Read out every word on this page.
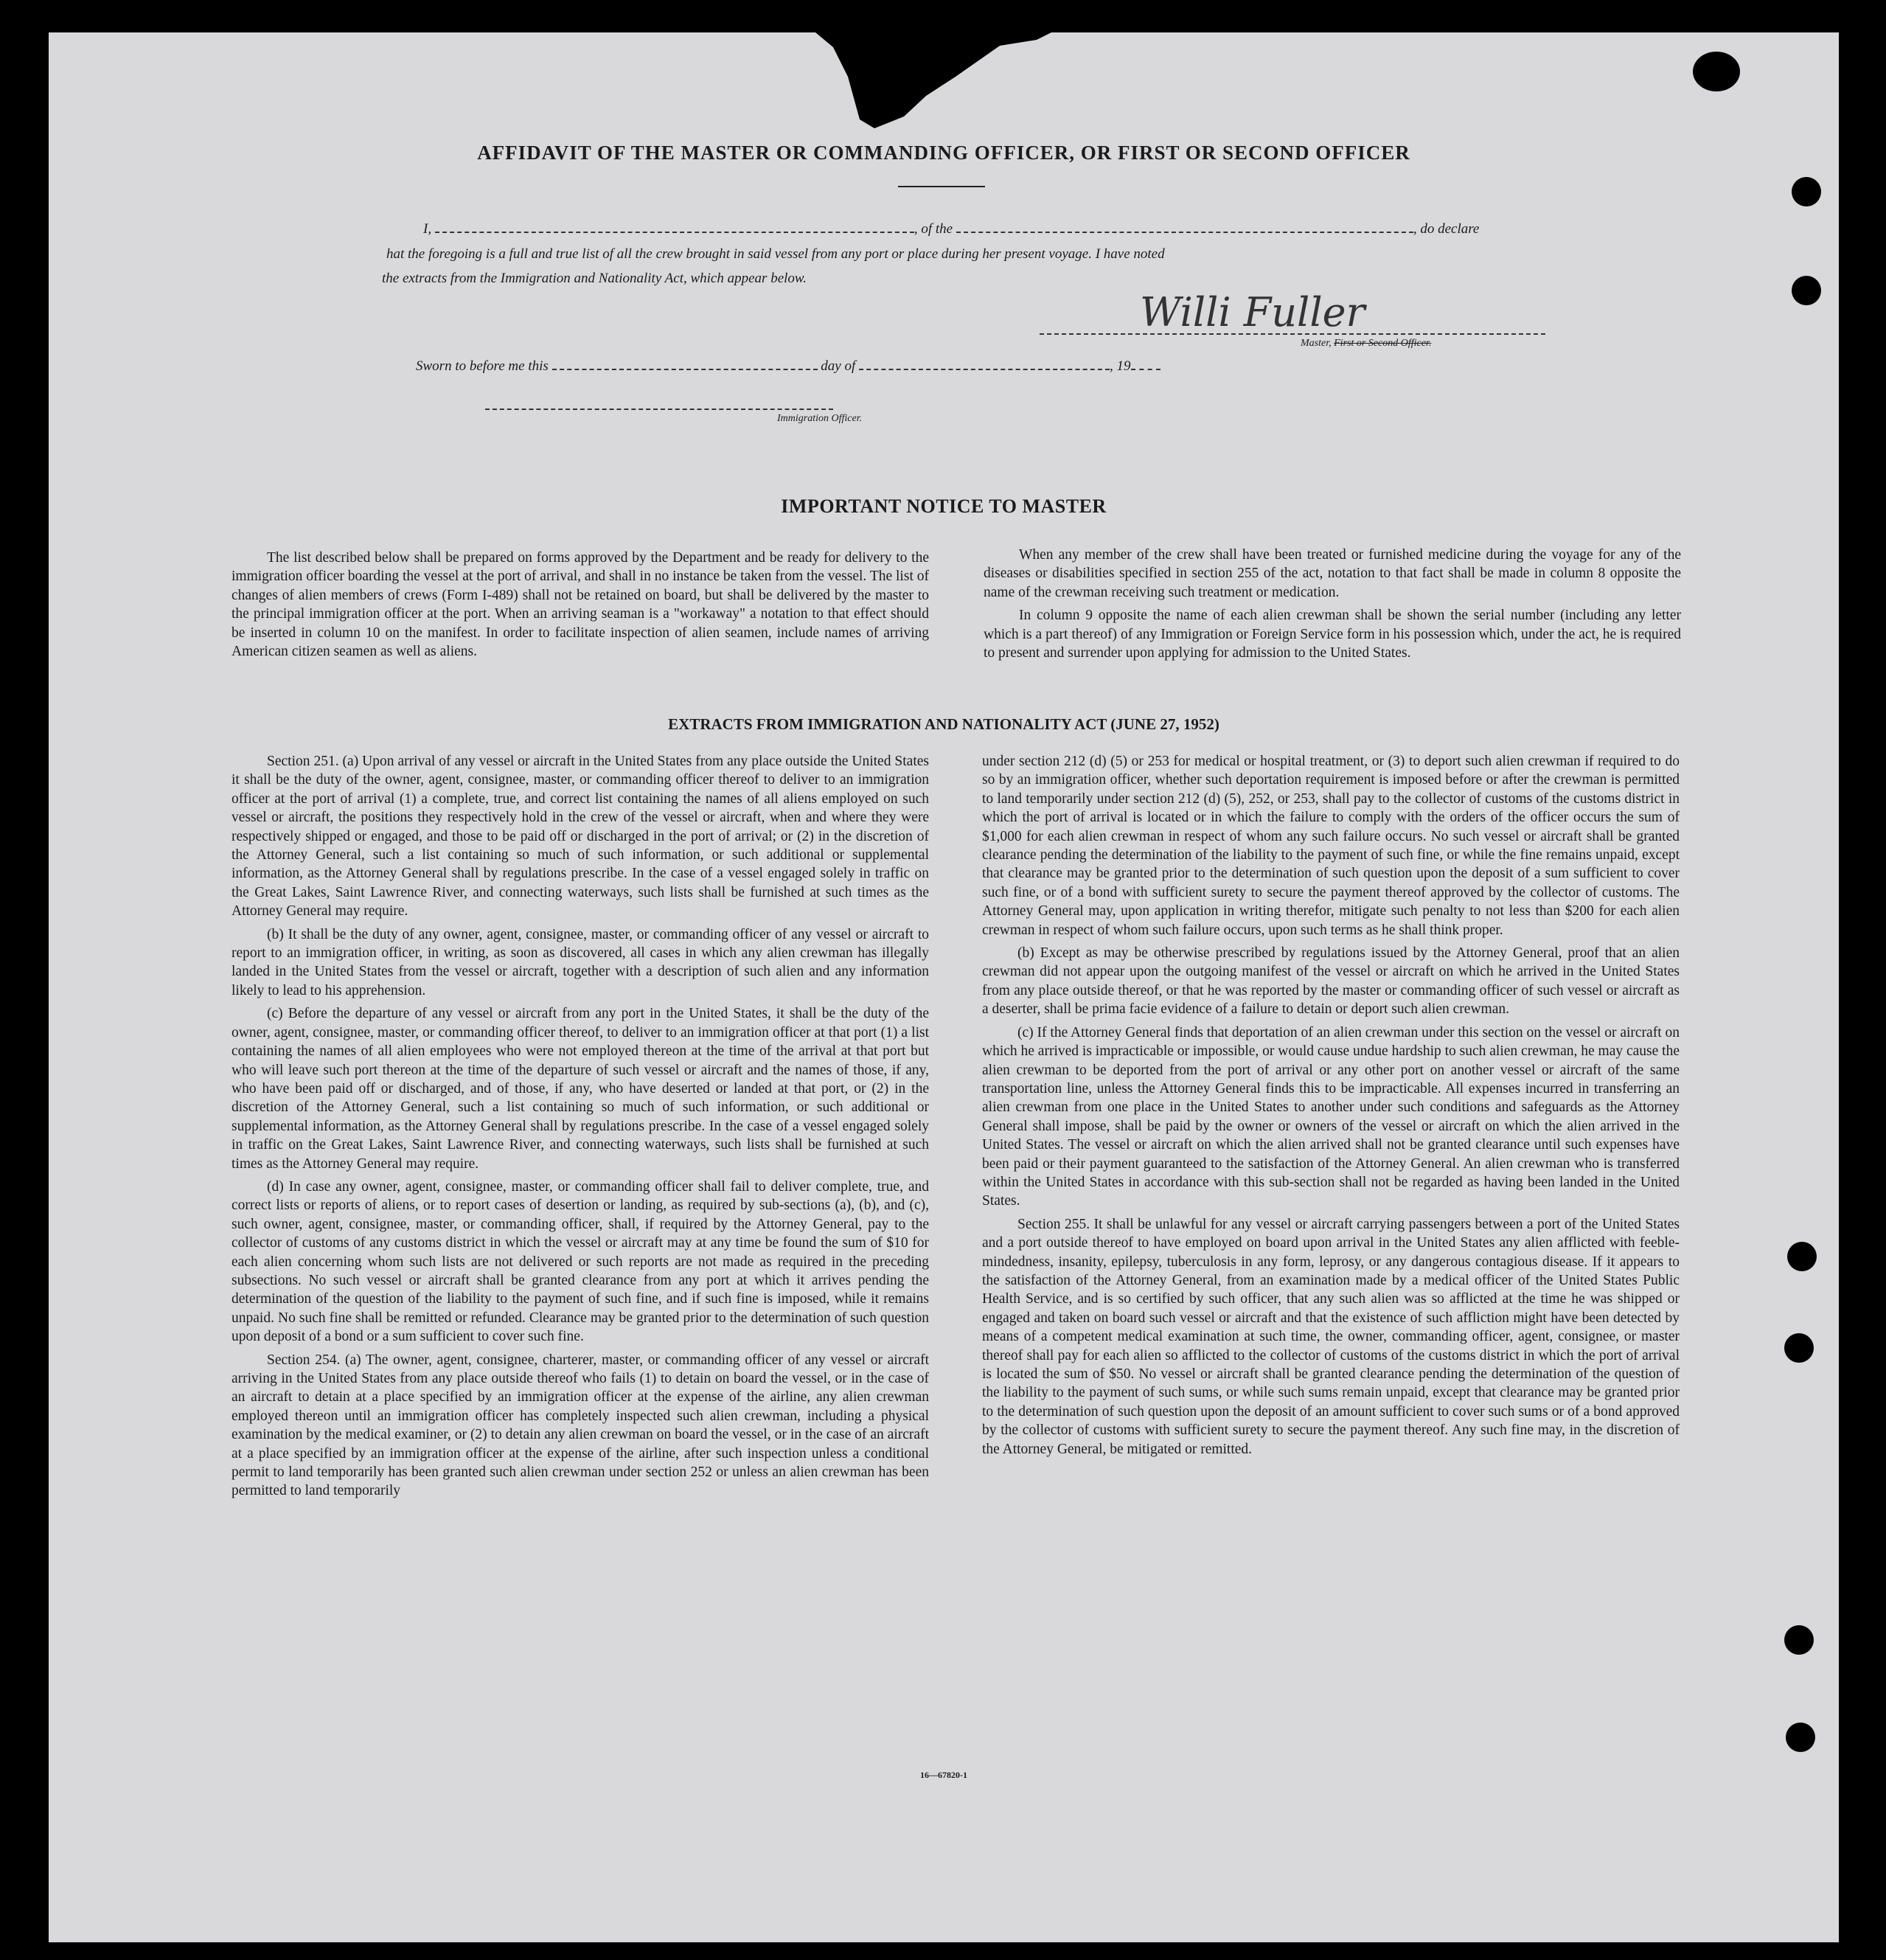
AFFIDAVIT OF THE MASTER OR COMMANDING OFFICER, OR FIRST OR SECOND OFFICER
I,	, of the	, do declare
hat the foregoing is a full and true list of all the crew brought in said vessel from any port or place during her present voyage. I have noted
the extracts from the Immigration and Nationality Act, which appear below.
Willi Fuller
Master, First or Second Officer.
Sworn to before me this	day of	, 19
Immigration Officer.
IMPORTANT NOTICE TO MASTER

The list described below shall be prepared on forms approved by the Department and be ready for delivery to the immigration officer boarding the vessel at the port of arrival, and shall in no instance be taken from the vessel. The list of changes of alien members of crews (Form I-489) shall not be retained on board, but shall be delivered by the master to the principal immigration officer at the port. When an arriving seaman is a "workaway" a notation to that effect should be inserted in column 10 on the manifest. In order to facilitate inspection of alien seamen, include names of arriving American citizen seamen as well as aliens.

When any member of the crew shall have been treated or furnished medicine during the voyage for any of the diseases or disabilities specified in section 255 of the act, notation to that fact shall be made in column 8 opposite the name of the crewman receiving such treatment or medication.

In column 9 opposite the name of each alien crewman shall be shown the serial number (including any letter which is a part thereof) of any Immigration or Foreign Service form in his possession which, under the act, he is required to present and surrender upon applying for admission to the United States.

EXTRACTS FROM IMMIGRATION AND NATIONALITY ACT (JUNE 27, 1952)

Section 251. (a) Upon arrival of any vessel or aircraft in the United States from any place outside the United States it shall be the duty of the owner, agent, consignee, master, or commanding officer thereof to deliver to an immigration officer at the port of arrival (1) a complete, true, and correct list containing the names of all aliens employed on such vessel or aircraft, the positions they respectively hold in the crew of the vessel or aircraft, when and where they were respectively shipped or engaged, and those to be paid off or discharged in the port of arrival; or (2) in the discretion of the Attorney General, such a list containing so much of such information, or such additional or supplemental information, as the Attorney General shall by regulations prescribe. In the case of a vessel engaged solely in traffic on the Great Lakes, Saint Lawrence River, and connecting waterways, such lists shall be furnished at such times as the Attorney General may require.

(b) It shall be the duty of any owner, agent, consignee, master, or commanding officer of any vessel or aircraft to report to an immigration officer, in writing, as soon as discovered, all cases in which any alien crewman has illegally landed in the United States from the vessel or aircraft, together with a description of such alien and any information likely to lead to his apprehension.

(c) Before the departure of any vessel or aircraft from any port in the United States, it shall be the duty of the owner, agent, consignee, master, or commanding officer thereof, to deliver to an immigration officer at that port (1) a list containing the names of all alien employees who were not employed thereon at the time of the arrival at that port but who will leave such port thereon at the time of the departure of such vessel or aircraft and the names of those, if any, who have been paid off or discharged, and of those, if any, who have deserted or landed at that port, or (2) in the discretion of the Attorney General, such a list containing so much of such information, or such additional or supplemental information, as the Attorney General shall by regulations prescribe. In the case of a vessel engaged solely in traffic on the Great Lakes, Saint Lawrence River, and connecting waterways, such lists shall be furnished at such times as the Attorney General may require.

(d) In case any owner, agent, consignee, master, or commanding officer shall fail to deliver complete, true, and correct lists or reports of aliens, or to report cases of desertion or landing, as required by sub-sections (a), (b), and (c), such owner, agent, consignee, master, or commanding officer, shall, if required by the Attorney General, pay to the collector of customs of any customs district in which the vessel or aircraft may at any time be found the sum of $10 for each alien concerning whom such lists are not delivered or such reports are not made as required in the preceding subsections. No such vessel or aircraft shall be granted clearance from any port at which it arrives pending the determination of the question of the liability to the payment of such fine, and if such fine is imposed, while it remains unpaid. No such fine shall be remitted or refunded. Clearance may be granted prior to the determination of such question upon deposit of a bond or a sum sufficient to cover such fine.

Section 254. (a) The owner, agent, consignee, charterer, master, or commanding officer of any vessel or aircraft arriving in the United States from any place outside thereof who fails (1) to detain on board the vessel, or in the case of an aircraft to detain at a place specified by an immigration officer at the expense of the airline, any alien crewman employed thereon until an immigration officer has completely inspected such alien crewman, including a physical examination by the medical examiner, or (2) to detain any alien crewman on board the vessel, or in the case of an aircraft at a place specified by an immigration officer at the expense of the airline, after such inspection unless a conditional permit to land temporarily has been granted such alien crewman under section 252 or unless an alien crewman has been permitted to land temporarily

under section 212 (d) (5) or 253 for medical or hospital treatment, or (3) to deport such alien crewman if required to do so by an immigration officer, whether such deportation requirement is imposed before or after the crewman is permitted to land temporarily under section 212 (d) (5), 252, or 253, shall pay to the collector of customs of the customs district in which the port of arrival is located or in which the failure to comply with the orders of the officer occurs the sum of $1,000 for each alien crewman in respect of whom any such failure occurs. No such vessel or aircraft shall be granted clearance pending the determination of the liability to the payment of such fine, or while the fine remains unpaid, except that clearance may be granted prior to the determination of such question upon the deposit of a sum sufficient to cover such fine, or of a bond with sufficient surety to secure the payment thereof approved by the collector of customs. The Attorney General may, upon application in writing therefor, mitigate such penalty to not less than $200 for each alien crewman in respect of whom such failure occurs, upon such terms as he shall think proper.

(b) Except as may be otherwise prescribed by regulations issued by the Attorney General, proof that an alien crewman did not appear upon the outgoing manifest of the vessel or aircraft on which he arrived in the United States from any place outside thereof, or that he was reported by the master or commanding officer of such vessel or aircraft as a deserter, shall be prima facie evidence of a failure to detain or deport such alien crewman.

(c) If the Attorney General finds that deportation of an alien crewman under this section on the vessel or aircraft on which he arrived is impracticable or impossible, or would cause undue hardship to such alien crewman, he may cause the alien crewman to be deported from the port of arrival or any other port on another vessel or aircraft of the same transportation line, unless the Attorney General finds this to be impracticable. All expenses incurred in transferring an alien crewman from one place in the United States to another under such conditions and safeguards as the Attorney General shall impose, shall be paid by the owner or owners of the vessel or aircraft on which the alien arrived in the United States. The vessel or aircraft on which the alien arrived shall not be granted clearance until such expenses have been paid or their payment guaranteed to the satisfaction of the Attorney General. An alien crewman who is transferred within the United States in accordance with this sub-section shall not be regarded as having been landed in the United States.

Section 255. It shall be unlawful for any vessel or aircraft carrying passengers between a port of the United States and a port outside thereof to have employed on board upon arrival in the United States any alien afflicted with feeble-mindedness, insanity, epilepsy, tuberculosis in any form, leprosy, or any dangerous contagious disease. If it appears to the satisfaction of the Attorney General, from an examination made by a medical officer of the United States Public Health Service, and is so certified by such officer, that any such alien was so afflicted at the time he was shipped or engaged and taken on board such vessel or aircraft and that the existence of such affliction might have been detected by means of a competent medical examination at such time, the owner, commanding officer, agent, consignee, or master thereof shall pay for each alien so afflicted to the collector of customs of the customs district in which the port of arrival is located the sum of $50. No vessel or aircraft shall be granted clearance pending the determination of the question of the liability to the payment of such sums, or while such sums remain unpaid, except that clearance may be granted prior to the determination of such question upon the deposit of an amount sufficient to cover such sums or of a bond approved by the collector of customs with sufficient surety to secure the payment thereof. Any such fine may, in the discretion of the Attorney General, be mitigated or remitted.

16—67820-1
